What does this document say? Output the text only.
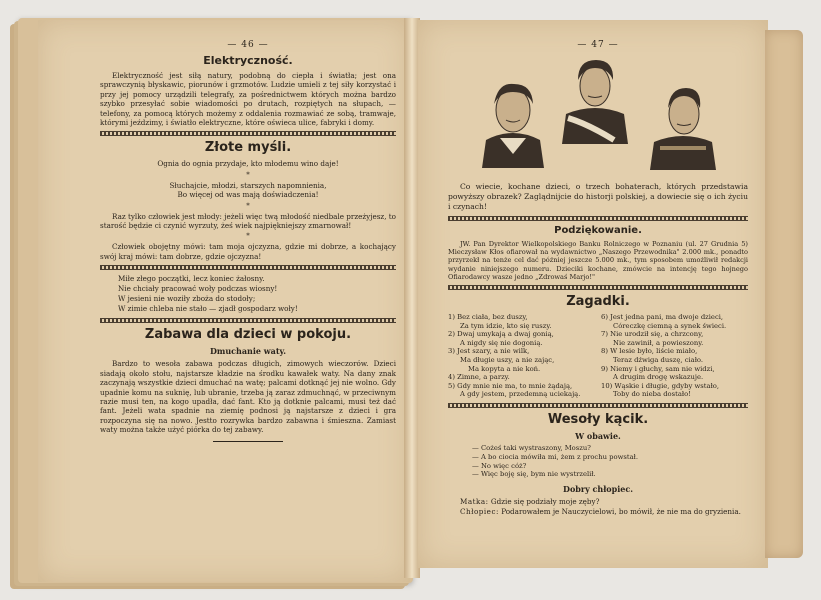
— 46 —
Elektryczność.

Elektryczność jest siłą natury, podobną do ciepła i światła; jest ona sprawczynią błyskawic, piorunów i grzmotów. Ludzie umieli z tej siły korzystać i przy jej pomocy urządzili telegrafy, za pośrednictwem których można bardzo szybko przesyłać sobie wiadomości po drutach, rozpiętych na słupach, — telefony, za pomocą których możemy z oddalenia rozmawiać ze sobą, tramwaje, którymi jeździmy, i światło elektryczne, które oświeca ulice, fabryki i domy.

Złote myśli.

Ognia do ognia przydaje, kto młodemu wino daje!

*

Słuchajcie, młodzi, starszych napomnienia,

Bo więcej od was mają doświadczenia!

*

Raz tylko człowiek jest młody: jeżeli więc twą młodość niedbale przeżyjesz, to starość będzie ci czynić wyrzuty, żeś wiek najpiękniejszy zmarnował!

*

Człowiek obojętny mówi: tam moja ojczyzna, gdzie mi dobrze, a kochający swój kraj mówi: tam dobrze, gdzie ojczyzna!

Miłe złego początki, lecz koniec żałosny.

Nie chciały pracować woły podczas wiosny!

W jesieni nie woziły zboża do stodoły;

W zimie chleba nie stało — zjadł gospodarz woły!

Zabawa dla dzieci w pokoju.
Dmuchanie waty.

Bardzo to wesoła zabawa podczas długich, zimowych wieczorów. Dzieci siadają około stołu, najstarsze kładzie na środku kawałek waty. Na dany znak zaczynają wszystkie dzieci dmuchać na watę; palcami dotknąć jej nie wolno. Gdy upadnie komu na suknię, lub ubranie, trzeba ją zaraz zdmuchnąć, w przeciwnym razie musi ten, na kogo upadła, dać fant. Kto ją dotknie palcami, musi też dać fant. Jeżeli wata spadnie na ziemię podnosi ją najstarsze z dzieci i gra rozpoczyna się na nowo. Jestto rozrywka bardzo zabawna i śmieszna. Zamiast waty można także użyć piórka do tej zabawy.

— 47 —

Co wiecie, kochane dzieci, o trzech bohaterach, których przedstawia powyższy obrazek? Zaglądnijcie do historji polskiej, a dowiecie się o ich życiu i czynach!

Podziękowanie.

JW. Pan Dyrektor Wielkopolskiego Banku Rolniczego w Poznaniu (ul. 27 Grudnia 5) Mieczysław Kłos ofiarował na wydawnictwo „Naszego Przewodnika" 2.000 mk., ponadto przyrzekł na tenże cel dać później jeszcze 5.000 mk., tym sposobem umożliwił redakcji wydanie niniejszego numeru. Dzieciki kochane, zmówcie na intencję tego hojnego Ofiarodawcy wasze jedno „Zdrowaś Marjo!"

Zagadki.

1) Bez ciała, bez duszy,

Za tym idzie, kto się ruszy.

2) Dwaj umykają a dwaj gonią,

A nigdy się nie dogonią.

3) Jest szary, a nie wilk,

Ma długie uszy, a nie zając,

Ma kopyta a nie koń.

4) Zimne, a parzy.

5) Gdy mnie nie ma, to mnie żądają,

A gdy jestem, przedemną uciekają.

6) Jest jedna pani, ma dwoje dzieci,

Córeczkę ciemną a synek świeci.

7) Nie urodził się, a chrzcony,

Nie zawinił, a powieszony.

8) W lesie było, liście miało,

Teraz dźwiga duszę, ciało.

9) Niemy i głuchy, sam nie widzi,

A drugim drogę wskazuje.

10) Wąskie i długie, gdyby wstało,

Toby do nieba dostało!

Wesoły kącik.
W obawie.

— Cożeś taki wystraszony, Moszu?

— A bo ciocia mówiła mi, żem z prochu powstał.

— No więc cóż?

— Więc boję się, bym nie wystrzelił.

Dobry chłopiec.

Matka: Gdzie się podziały moje zęby?

Chłopiec: Podarowałem je Nauczycielowi, bo mówił, że nie ma do gryzienia.
